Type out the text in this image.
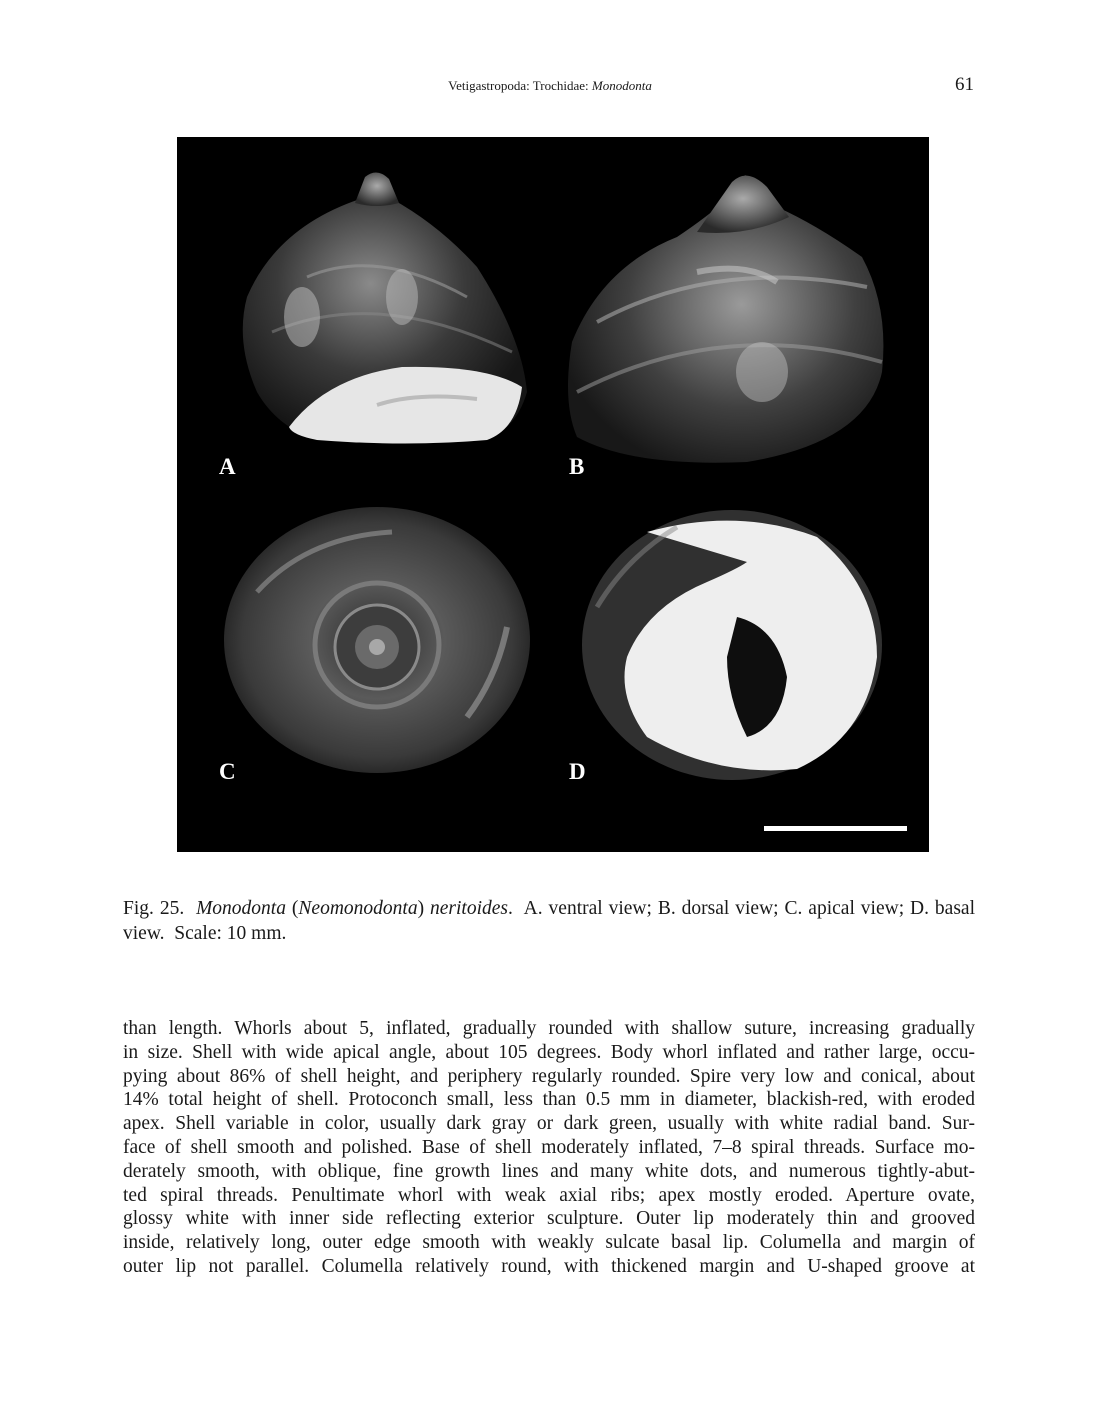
Vetigastropoda: Trochidae: Monodonta	61
A	B
C	D
Fig. 25. Monodonta (Neomonodonta) neritoides.  A. ventral view; B. dorsal view; C. apical view; D. basal view. Scale: 10 mm.
than length. Whorls about 5, inflated, gradually rounded with shallow suture, increasing gradually
in size. Shell with wide apical angle, about 105 degrees. Body whorl inflated and rather large, occu-
pying about 86% of shell height, and periphery regularly rounded. Spire very low and conical, about
14% total height of shell. Protoconch small, less than 0.5 mm in diameter, blackish-red, with eroded
apex. Shell variable in color, usually dark gray or dark green, usually with white radial band. Sur-
face of shell smooth and polished. Base of shell moderately inflated, 7–8 spiral threads. Surface mo-
derately smooth, with oblique, fine growth lines and many white dots, and numerous tightly-abut-
ted spiral threads. Penultimate whorl with weak axial ribs; apex mostly eroded. Aperture ovate,
glossy white with inner side reflecting exterior sculpture. Outer lip moderately thin and grooved
inside, relatively long, outer edge smooth with weakly sulcate basal lip. Columella and margin of
outer lip not parallel. Columella relatively round, with thickened margin and U-shaped groove at
